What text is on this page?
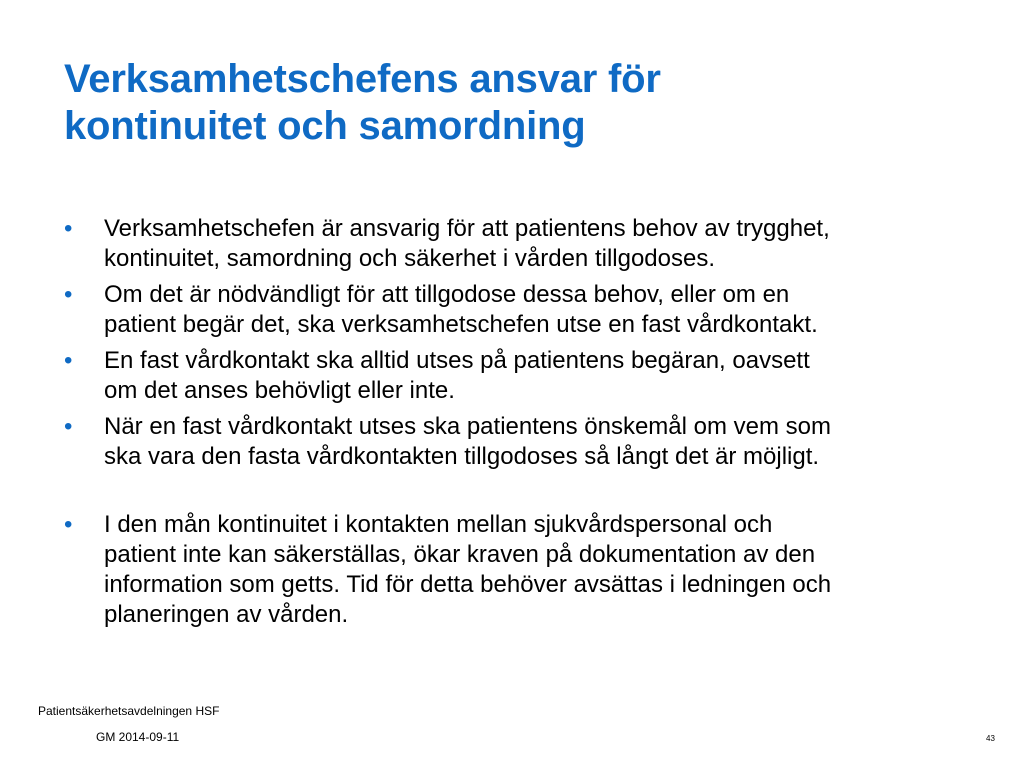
Verksamhetschefens ansvar för
kontinuitet och samordning
• Verksamhetschefen är ansvarig för att patientens behov av trygghet,
kontinuitet, samordning och säkerhet i vården tillgodoses.
• Om det är nödvändligt för att tillgodose dessa behov, eller om en
patient begär det, ska verksamhetschefen utse en fast vårdkontakt.
• En fast vårdkontakt ska alltid utses på patientens begäran, oavsett
om det anses behövligt eller inte.
• När en fast vårdkontakt utses ska patientens önskemål om vem som
ska vara den fasta vårdkontakten tillgodoses så långt det är möjligt.
• I den mån kontinuitet i kontakten mellan sjukvårdspersonal och
patient inte kan säkerställas, ökar kraven på dokumentation av den
information som getts. Tid för detta behöver avsättas i ledningen och
planeringen av vården.
Patientsäkerhetsavdelningen HSF
GM 2014-09-11	43
